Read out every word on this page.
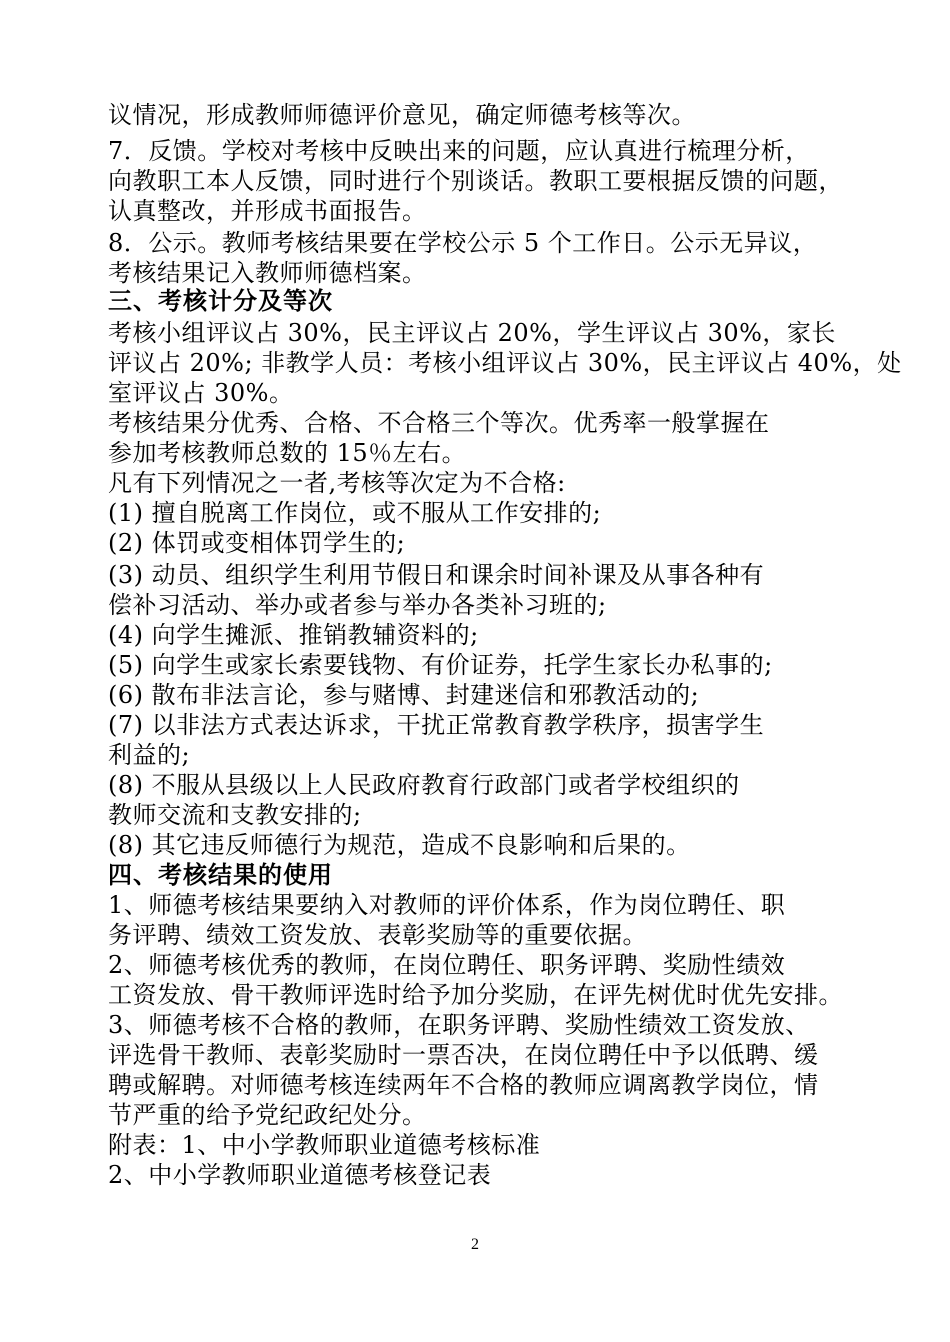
议情况，形成教师师德评价意见，确定师德考核等次。
7．反馈。学校对考核中反映出来的问题，应认真进行梳理分析，
向教职工本人反馈，同时进行个别谈话。教职工要根据反馈的问题，
认真整改，并形成书面报告。
8．公示。教师考核结果要在学校公示 5 个工作日。公示无异议，
考核结果记入教师师德档案。
三、考核计分及等次
考核小组评议占 30%，民主评议占 20%，学生评议占 30%，家长
评议占 20%; 非教学人员：考核小组评议占 30%，民主评议占 40%，处
室评议占 30%。
考核结果分优秀、合格、不合格三个等次。优秀率一般掌握在
参加考核教师总数的 15％左右。
凡有下列情况之一者,考核等次定为不合格:
(1) 擅自脱离工作岗位，或不服从工作安排的;
(2) 体罚或变相体罚学生的;
(3) 动员、组织学生利用节假日和课余时间补课及从事各种有
偿补习活动、举办或者参与举办各类补习班的;
(4) 向学生摊派、推销教辅资料的;
(5) 向学生或家长索要钱物、有价证券，托学生家长办私事的;
(6) 散布非法言论，参与赌博、封建迷信和邪教活动的;
(7) 以非法方式表达诉求，干扰正常教育教学秩序，损害学生
利益的;
(8) 不服从县级以上人民政府教育行政部门或者学校组织的
教师交流和支教安排的;
(8) 其它违反师德行为规范，造成不良影响和后果的。
四、考核结果的使用
1、师德考核结果要纳入对教师的评价体系，作为岗位聘任、职
务评聘、绩效工资发放、表彰奖励等的重要依据。
2、师德考核优秀的教师，在岗位聘任、职务评聘、奖励性绩效
工资发放、骨干教师评选时给予加分奖励，在评先树优时优先安排。
3、师德考核不合格的教师，在职务评聘、奖励性绩效工资发放、
评选骨干教师、表彰奖励时一票否决，在岗位聘任中予以低聘、缓
聘或解聘。对师德考核连续两年不合格的教师应调离教学岗位，情
节严重的给予党纪政纪处分。
附表：1、中小学教师职业道德考核标准
2、中小学教师职业道德考核登记表
2
